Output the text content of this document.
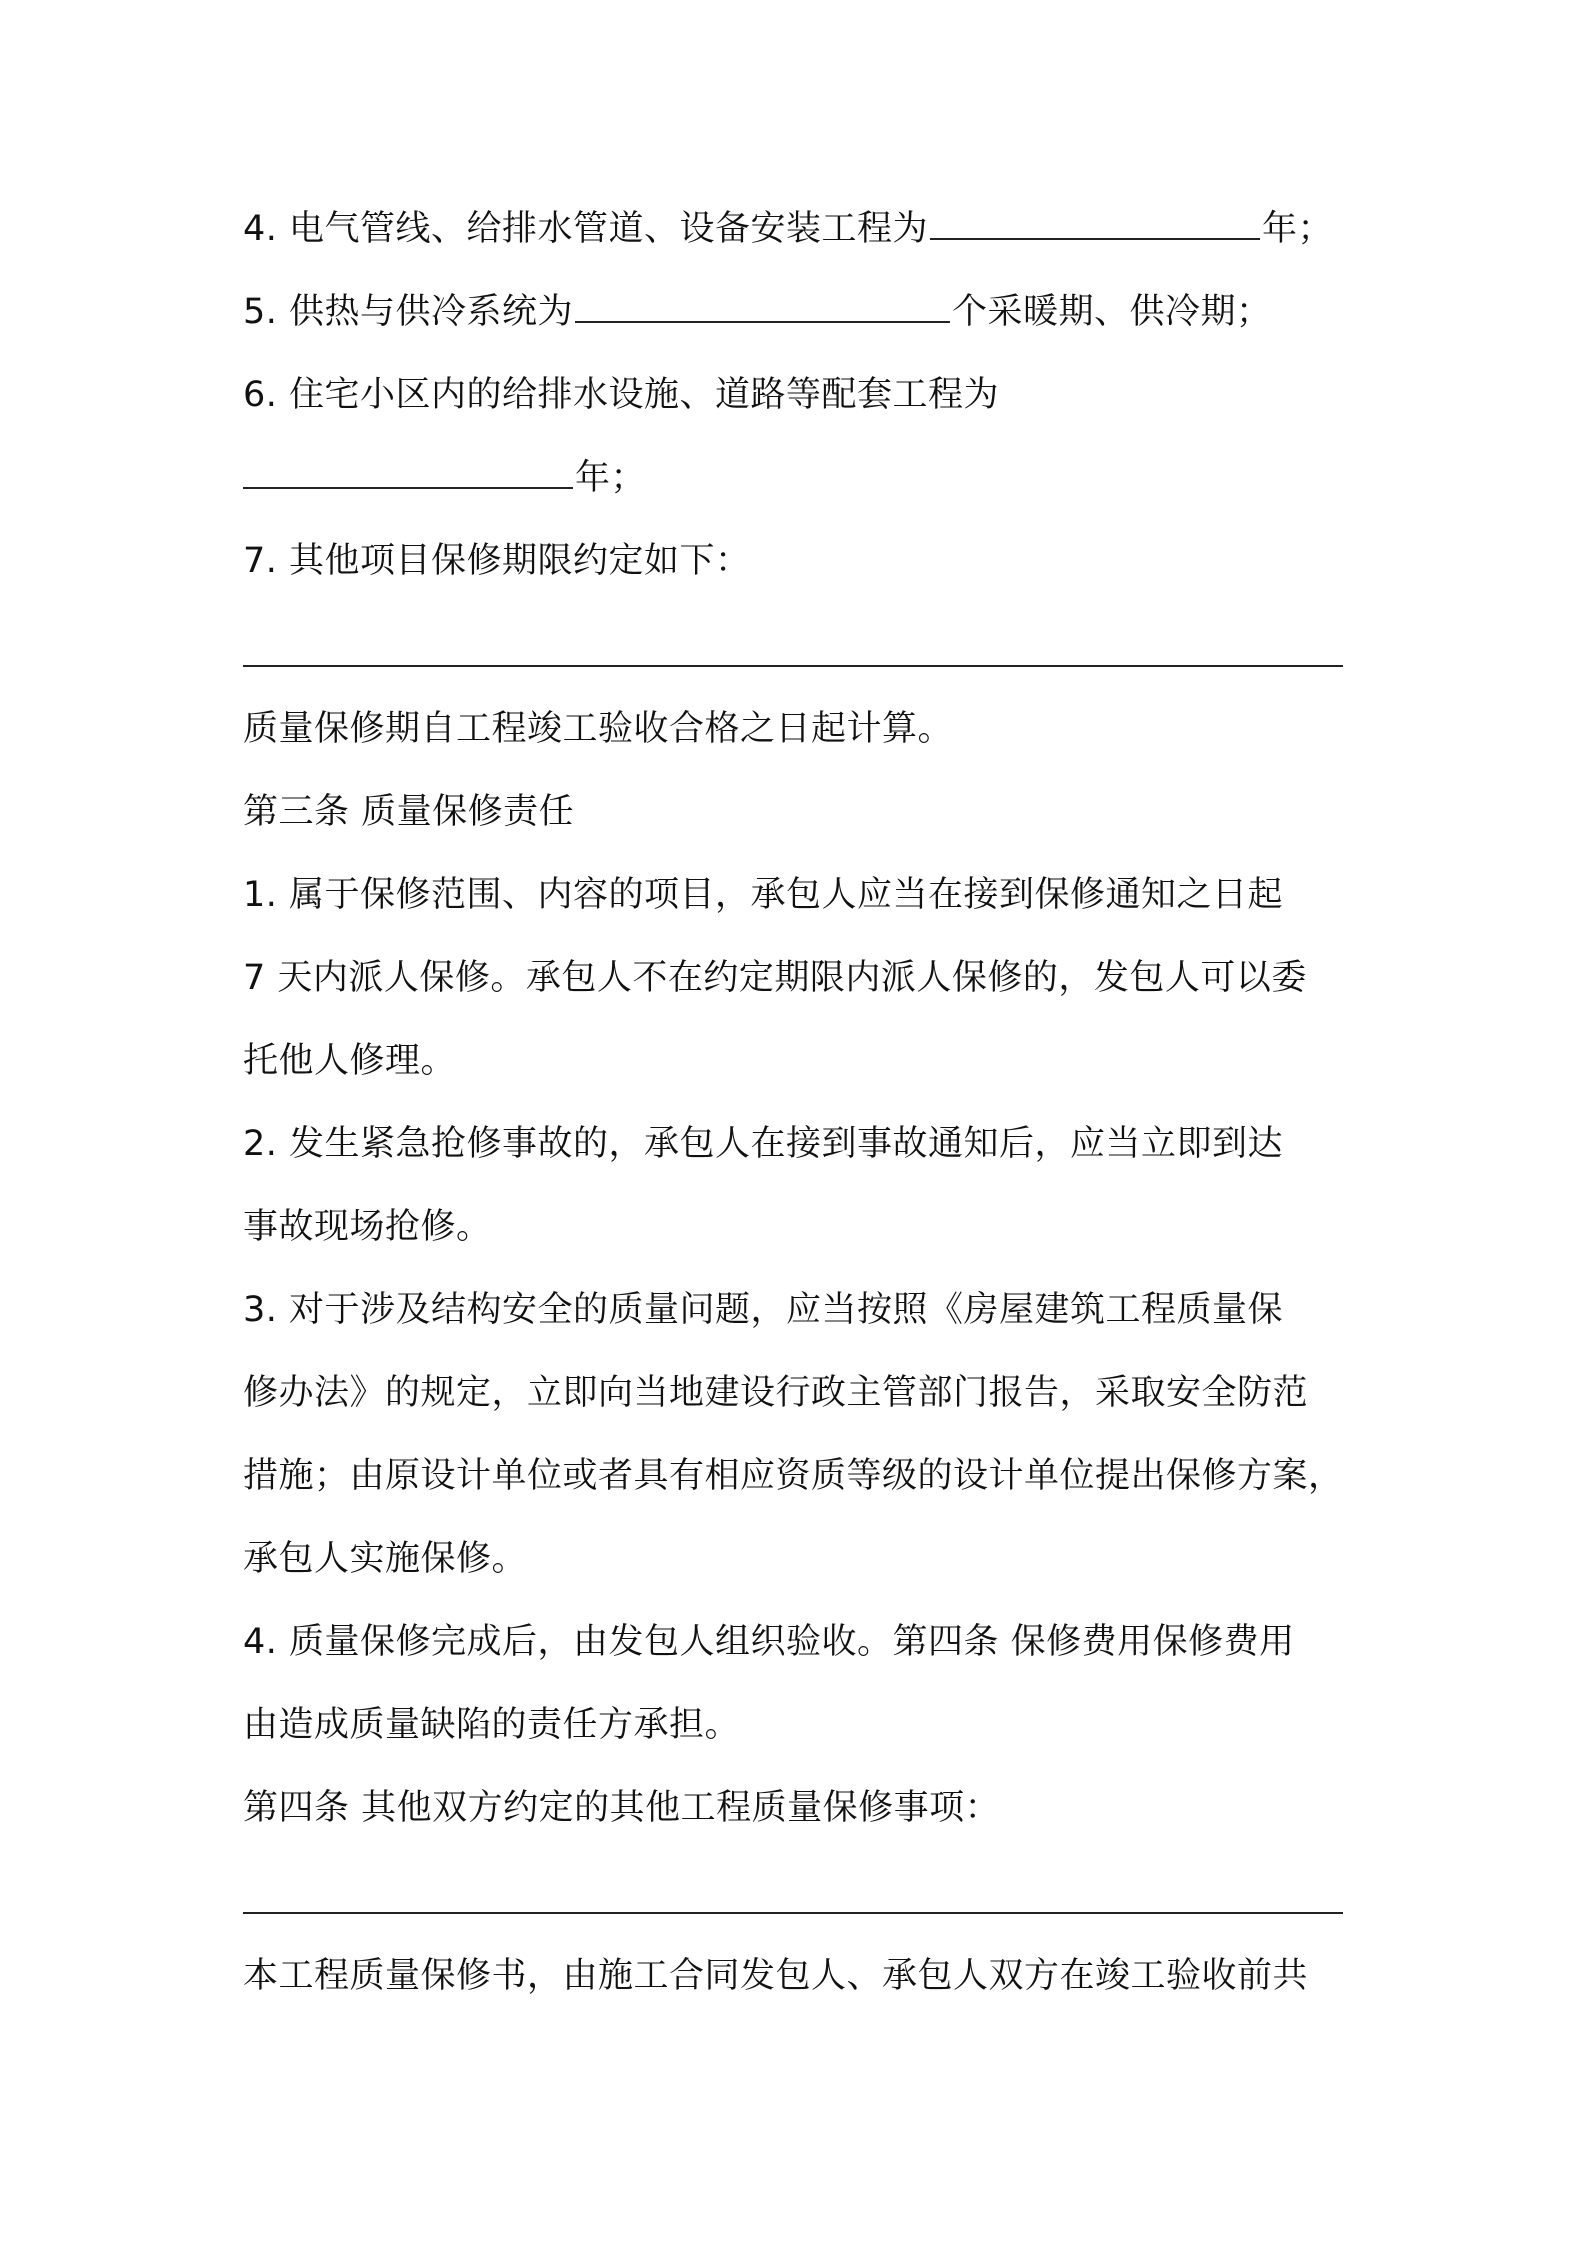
4. 电气管线、给排水管道、设备安装工程为	年；
5. 供热与供冷系统为	个采暖期、供冷期；
6. 住宅小区内的给排水设施、道路等配套工程为
年；
7. 其他项目保修期限约定如下：
质量保修期自工程竣工验收合格之日起计算。
第三条 质量保修责任
1. 属于保修范围、内容的项目，承包人应当在接到保修通知之日起
7 天内派人保修。承包人不在约定期限内派人保修的，发包人可以委
托他人修理。
2. 发生紧急抢修事故的，承包人在接到事故通知后，应当立即到达
事故现场抢修。
3. 对于涉及结构安全的质量问题，应当按照《房屋建筑工程质量保
修办法》的规定，立即向当地建设行政主管部门报告，采取安全防范
措施；由原设计单位或者具有相应资质等级的设计单位提出保修方案，
承包人实施保修。
4. 质量保修完成后，由发包人组织验收。第四条 保修费用保修费用
由造成质量缺陷的责任方承担。
第四条 其他双方约定的其他工程质量保修事项：
本工程质量保修书，由施工合同发包人、承包人双方在竣工验收前共
